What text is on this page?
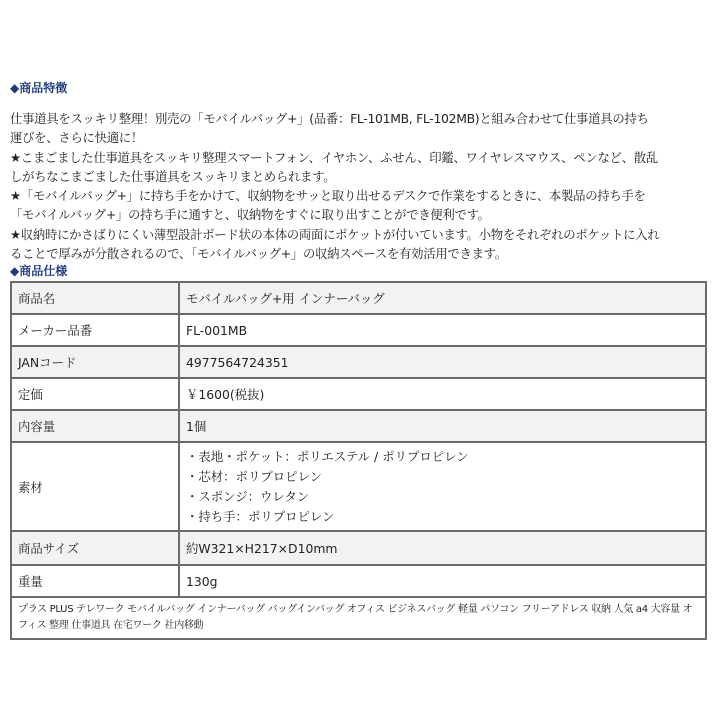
◆商品特徴
仕事道具をスッキリ整理！別売の「モバイルバッグ+」(品番：FL-101MB, FL-102MB)と組み合わせて仕事道具の持ち
運びを、さらに快適に！
★こまごました仕事道具をスッキリ整理スマートフォン、イヤホン、ふせん、印鑑、ワイヤレスマウス、ペンなど、散乱
しがちなこまごました仕事道具をスッキリまとめられます。
★「モバイルバッグ+」に持ち手をかけて、収納物をサッと取り出せるデスクで作業をするときに、本製品の持ち手を
「モバイルバッグ+」の持ち手に通すと、収納物をすぐに取り出すことができ便利です。
★収納時にかさばりにくい薄型設計ボード状の本体の両面にポケットが付いています。小物をそれぞれのポケットに入れ
ることで厚みが分散されるので、「モバイルバッグ+」の収納スペースを有効活用できます。
◆商品仕様
商品名	モバイルバッグ+用 インナーバッグ
メーカー品番	FL-001MB
JANコード	4977564724351
定価	￥1600(税抜)
内容量	1個
素材	・表地・ポケット：ポリエステル / ポリプロピレン
・芯材：ポリプロピレン
・スポンジ：ウレタン
・持ち手：ポリプロピレン

商品サイズ	約W321×H217×D10mm
重量	130g
プラス PLUS テレワーク モバイルバッグ インナーバッグ バッグインバッグ オフィス ビジネスバッグ 軽量 パソコン フリーアドレス 収納 人気 a4 大容量 オフィス 整理 仕事道具 在宅ワーク 社内移動	
